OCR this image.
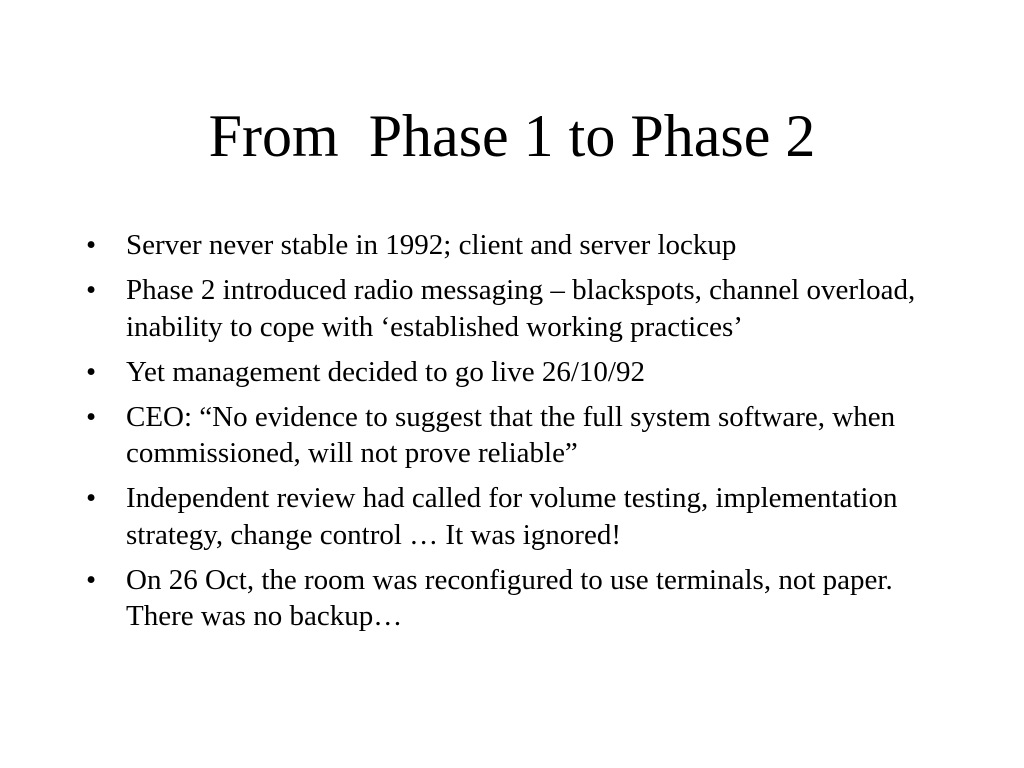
From  Phase 1 to Phase 2
• Server never stable in 1992; client and server lockup
• Phase 2 introduced radio messaging – blackspots, channel overload, inability to cope with ‘established working practices’
• Yet management decided to go live 26/10/92
• CEO: “No evidence to suggest that the full system software, when commissioned, will not prove reliable”
• Independent review had called for volume testing, implementation strategy, change control … It was ignored!
• On 26 Oct, the room was reconfigured to use terminals, not paper. There was no backup…
